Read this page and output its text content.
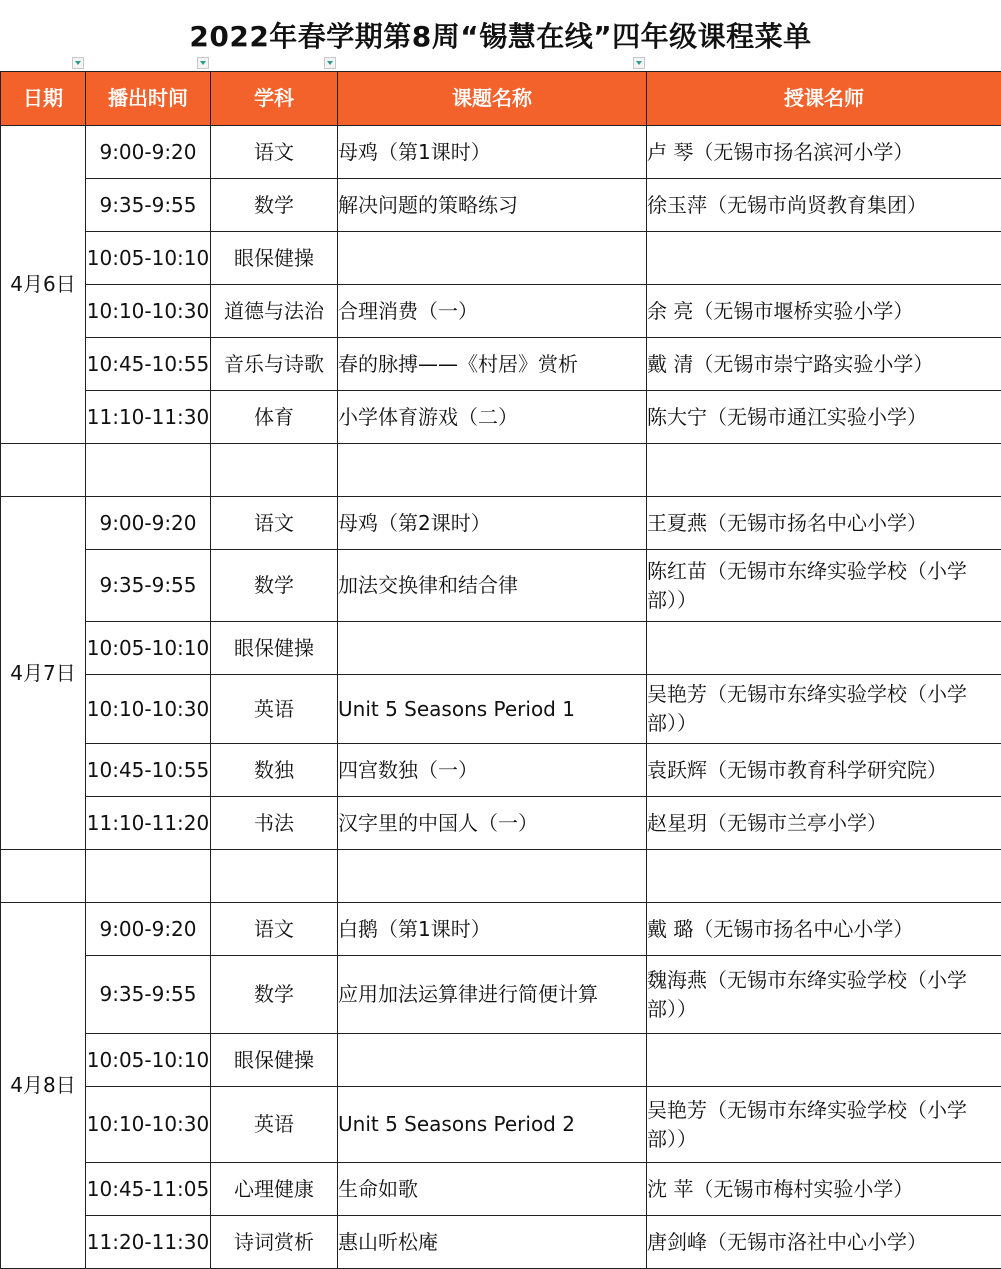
2022年春学期第8周“锡慧在线”四年级课程菜单
日期	播出时间	学科	课题名称	授课名师
4月6日	9:00-9:20	语文	母鸡（第1课时）	卢 琴（无锡市扬名滨河小学）
	9:35-9:55	数学	解决问题的策略练习	徐玉萍（无锡市尚贤教育集团）
	10:05-10:10	眼保健操		
	10:10-10:30	道德与法治	合理消费（一）	余 亮（无锡市堰桥实验小学）
	10:45-10:55	音乐与诗歌	春的脉搏——《村居》赏析	戴 清（无锡市崇宁路实验小学）
	11:10-11:30	体育	小学体育游戏（二）	陈大宁（无锡市通江实验小学）

4月7日	9:00-9:20	语文	母鸡（第2课时）	王夏燕（无锡市扬名中心小学）
	9:35-9:55	数学	加法交换律和结合律	陈红苗（无锡市东绛实验学校（小学部））
	10:05-10:10	眼保健操		
	10:10-10:30	英语	Unit 5 Seasons Period 1	吴艳芳（无锡市东绛实验学校（小学部））
	10:45-10:55	数独	四宫数独（一）	袁跃辉（无锡市教育科学研究院）
	11:10-11:20	书法	汉字里的中国人（一）	赵星玥（无锡市兰亭小学）

4月8日	9:00-9:20	语文	白鹅（第1课时）	戴 璐（无锡市扬名中心小学）
	9:35-9:55	数学	应用加法运算律进行简便计算	魏海燕（无锡市东绛实验学校（小学部））
	10:05-10:10	眼保健操		
	10:10-10:30	英语	Unit 5 Seasons Period 2	吴艳芳（无锡市东绛实验学校（小学部））
	10:45-11:05	心理健康	生命如歌	沈 苹（无锡市梅村实验小学）
	11:20-11:30	诗词赏析	惠山听松庵	唐剑峰（无锡市洛社中心小学）
